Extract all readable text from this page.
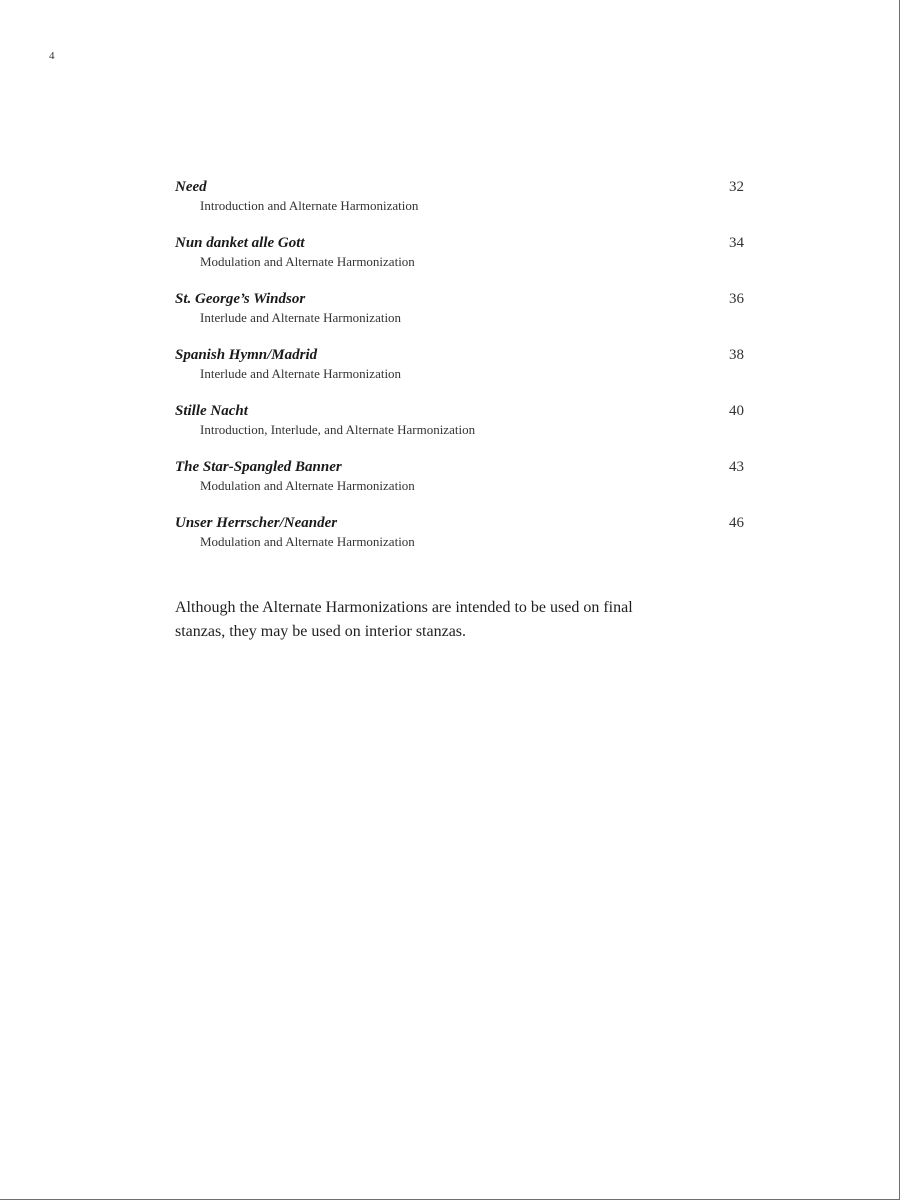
4
Need	32
Introduction and Alternate Harmonization
Nun danket alle Gott	34
Modulation and Alternate Harmonization
St. George’s Windsor	36
Interlude and Alternate Harmonization
Spanish Hymn/Madrid	38
Interlude and Alternate Harmonization
Stille Nacht	40
Introduction, Interlude, and Alternate Harmonization
The Star-Spangled Banner	43
Modulation and Alternate Harmonization
Unser Herrscher/Neander	46
Modulation and Alternate Harmonization
Although the Alternate Harmonizations are intended to be used on final
stanzas, they may be used on interior stanzas.
